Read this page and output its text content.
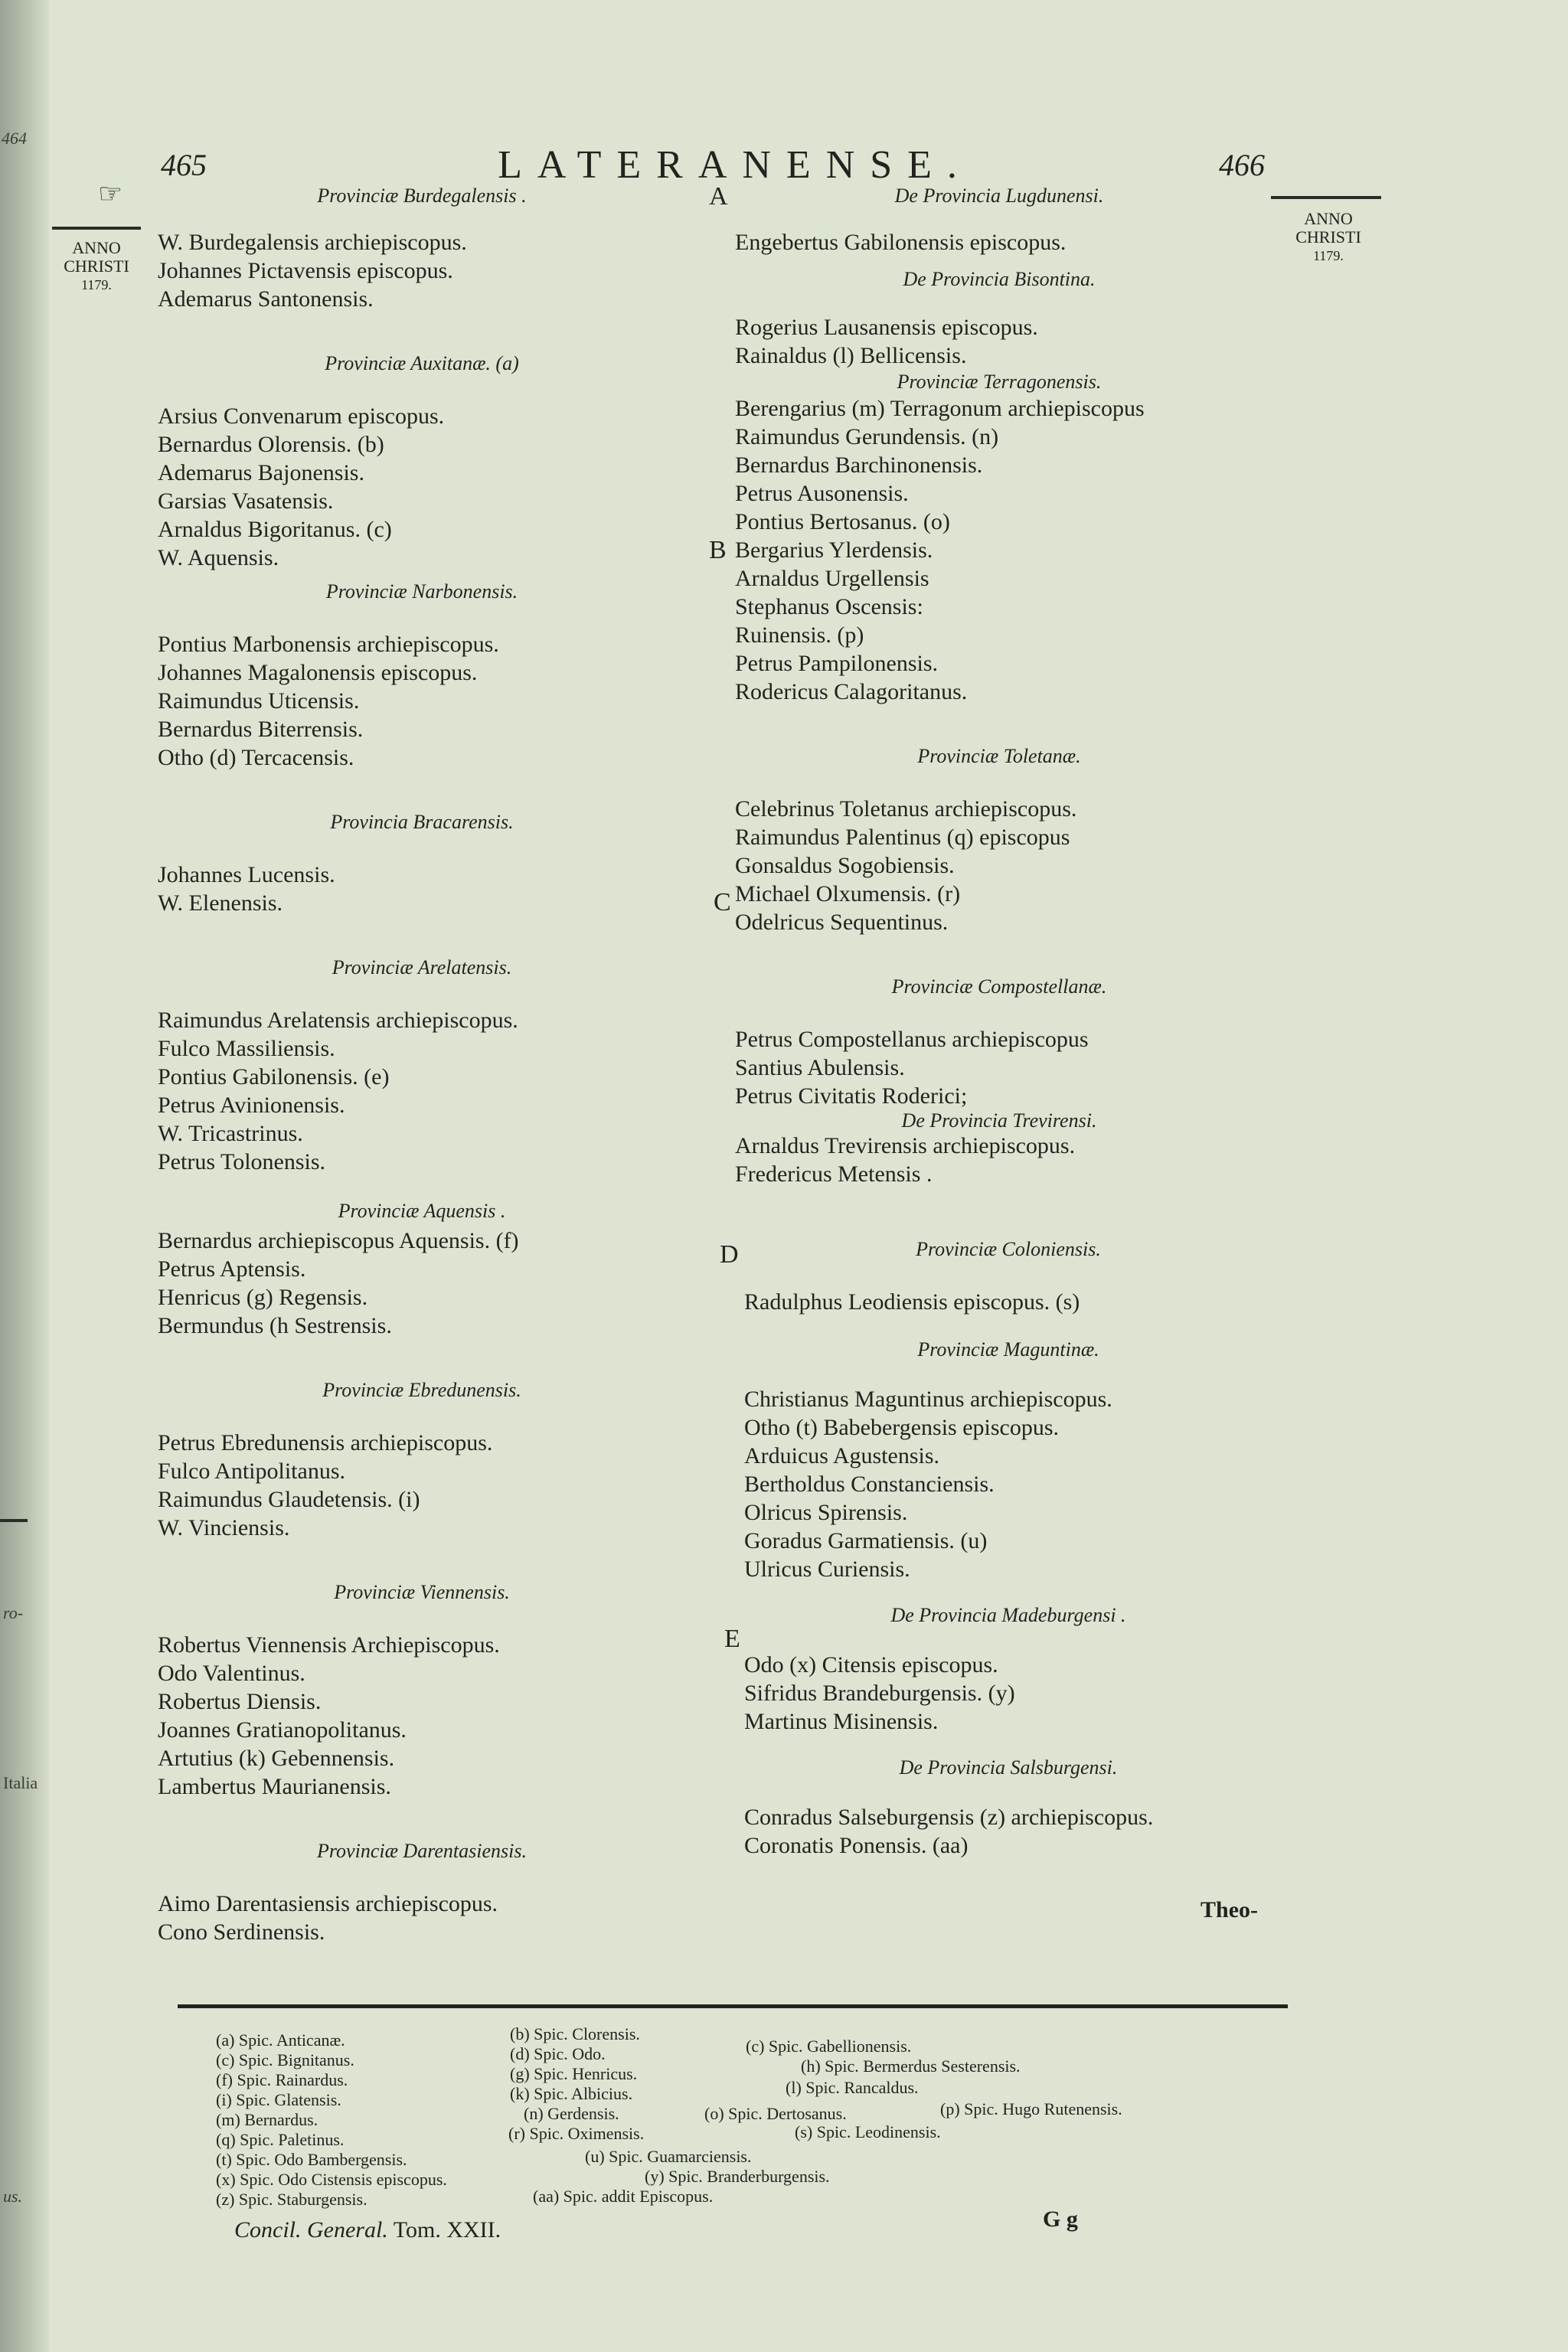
464
ro-
Italia
us.
465	LATERANENSE.	466
☞
ANNO
CHRISTI
1179.
ANNO
CHRISTI
1179.
A
B
C
D
E
Provinciæ Burdegalensis .
W. Burdegalensis archiepiscopus.
Johannes Pictavensis episcopus.
Ademarus Santonensis.
Provinciæ Auxitanæ. (a)
Arsius Convenarum episcopus.
Bernardus Olorensis. (b)
Ademarus Bajonensis.
Garsias Vasatensis.
Arnaldus Bigoritanus. (c)
W. Aquensis.
Provinciæ Narbonensis.
Pontius Marbonensis archiepiscopus.
Johannes Magalonensis episcopus.
Raimundus Uticensis.
Bernardus Biterrensis.
Otho (d) Tercacensis.
Provincia Bracarensis.
Johannes Lucensis.
W. Elenensis.
Provinciæ Arelatensis.
Raimundus Arelatensis archiepiscopus.
Fulco Massiliensis.
Pontius Gabilonensis. (e)
Petrus Avinionensis.
W. Tricastrinus.
Petrus Tolonensis.
Provinciæ Aquensis .
Bernardus archiepiscopus Aquensis. (f)
Petrus Aptensis.
Henricus (g) Regensis.
Bermundus (h Sestrensis.
Provinciæ Ebredunensis.
Petrus Ebredunensis archiepiscopus.
Fulco Antipolitanus.
Raimundus Glaudetensis. (i)
W. Vinciensis.
Provinciæ Viennensis.
Robertus Viennensis Archiepiscopus.
Odo Valentinus.
Robertus Diensis.
Joannes Gratianopolitanus.
Artutius (k) Gebennensis.
Lambertus Maurianensis.
Provinciæ Darentasiensis.
Aimo Darentasiensis archiepiscopus.
Cono Serdinensis.
De Provincia Lugdunensi.
Engebertus Gabilonensis episcopus.
De Provincia Bisontina.
Rogerius Lausanensis episcopus.
Rainaldus (l) Bellicensis.
Provinciæ Terragonensis.
Berengarius (m) Terragonum archiepiscopus
Raimundus Gerundensis. (n)
Bernardus Barchinonensis.
Petrus Ausonensis.
Pontius Bertosanus. (o)
Bergarius Ylerdensis.
Arnaldus Urgellensis
Stephanus Oscensis:
Ruinensis. (p)
Petrus Pampilonensis.
Rodericus Calagoritanus.
Provinciæ Toletanæ.
Celebrinus Toletanus archiepiscopus.
Raimundus Palentinus (q) episcopus
Gonsaldus Sogobiensis.
Michael Olxumensis. (r)
Odelricus Sequentinus.
Provinciæ Compostellanæ.
Petrus Compostellanus archiepiscopus
Santius Abulensis.
Petrus Civitatis Roderici;
De Provincia Trevirensi.
Arnaldus Trevirensis archiepiscopus.
Fredericus Metensis .
Provinciæ Coloniensis.
Radulphus Leodiensis episcopus. (s)
Provinciæ Maguntinæ.
Christianus Maguntinus archiepiscopus.
Otho (t) Babebergensis episcopus.
Arduicus Agustensis.
Bertholdus Constanciensis.
Olricus Spirensis.
Goradus Garmatiensis. (u)
Ulricus Curiensis.
De Provincia Madeburgensi .
Odo (x) Citensis episcopus.
Sifridus Brandeburgensis. (y)
Martinus Misinensis.
De Provincia Salsburgensi.
Conradus Salseburgensis (z) archiepiscopus.
Coronatis Ponensis. (aa)
Theo-
(a) Spic. Anticanæ.	(b) Spic. Clorensis.
(c) Spic. Gabellionensis.
(c) Spic. Bignitanus.	(d) Spic. Odo.
(h) Spic. Bermerdus Sesterensis.
(f) Spic. Rainardus.	(g) Spic. Henricus.
(l) Spic. Rancaldus.
(i) Spic. Glatensis.	(k) Spic. Albicius.
(m) Bernardus.	(n) Gerdensis.	(o) Spic. Dertosanus.	(p) Spic. Hugo Rutenensis.
(q) Spic. Paletinus.	(r) Spic. Oximensis.	(s) Spic. Leodinensis.
(t) Spic. Odo Bambergensis.	(u) Spic. Guamarciensis.
(x) Spic. Odo Cistensis episcopus.	(y) Spic. Branderburgensis.
(z) Spic. Staburgensis.	(aa) Spic. addit Episcopus.
Concil. General. Tom. XXII.	G g
